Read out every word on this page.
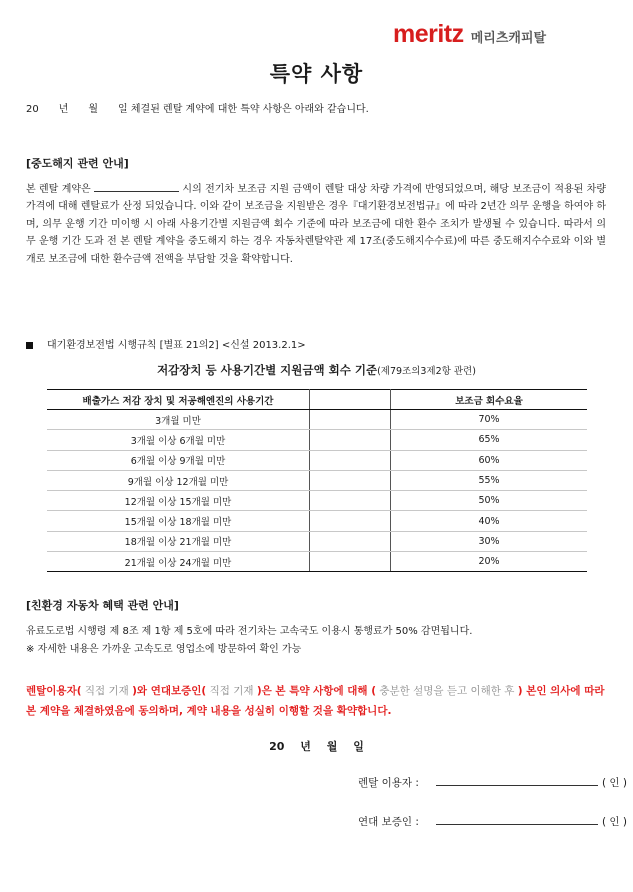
meritz 메리츠캐피탈
특약 사항
20　　년　　월　　일 체결된 렌탈 계약에 대한 특약 사항은 아래와 같습니다.
[중도해지 관련 안내]
본 렌탈 계약은	시의 전기차 보조금 지원 금액이 렌탈 대상 차량 가격에 반영되었으며, 해당 보조금이 적용된 차량가격에 대해 렌탈료가 산정 되었습니다. 이와 같이 보조금을 지원받은 경우『대기환경보전법규』에 따라 2년간 의무 운행을 하여야 하며, 의무 운행 기간 미이행 시 아래 사용기간별 지원금액 회수 기준에 따라 보조금에 대한 환수 조치가 발생될 수 있습니다. 따라서 의무 운행 기간 도과 전 본 렌탈 계약을 중도해지 하는 경우 자동차렌탈약관 제 17조(중도해지수수료)에 따른 중도해지수수료와 이와 별개로 보조금에 대한 환수금액 전액을 부담할 것을 확약합니다.
대기환경보전법 시행규칙 [별표 21의2] <신설 2013.2.1>
저감장치 등 사용기간별 지원금액 회수 기준(제79조의3제2항 관련)
배출가스 저감 장치 및 저공해엔진의 사용기간		보조금 회수요율
3개월 미만		70%
3개월 이상 6개월 미만		65%
6개월 이상 9개월 미만		60%
9개월 이상 12개월 미만		55%
12개월 이상 15개월 미만		50%
15개월 이상 18개월 미만		40%
18개월 이상 21개월 미만		30%
21개월 이상 24개월 미만		20%
[친환경 자동차 혜택 관련 안내]
유료도로법 시행령 제 8조 제 1항 제 5호에 따라 전기차는 고속국도 이용시 통행료가 50% 감면됩니다.
※ 자세한 내용은 가까운 고속도로 영업소에 방문하여 확인 가능
렌탈이용자( 직접 기재 )와 연대보증인( 직접 기재 )은 본 특약 사항에 대해 ( 충분한 설명을 듣고 이해한 후 ) 본인 의사에 따라 본 계약을 체결하였음에 동의하며, 계약 내용을 성실히 이행할 것을 확약합니다.
20 년 월 일
렌탈 이용자 :	( 인 )
연대 보증인 :	( 인 )
